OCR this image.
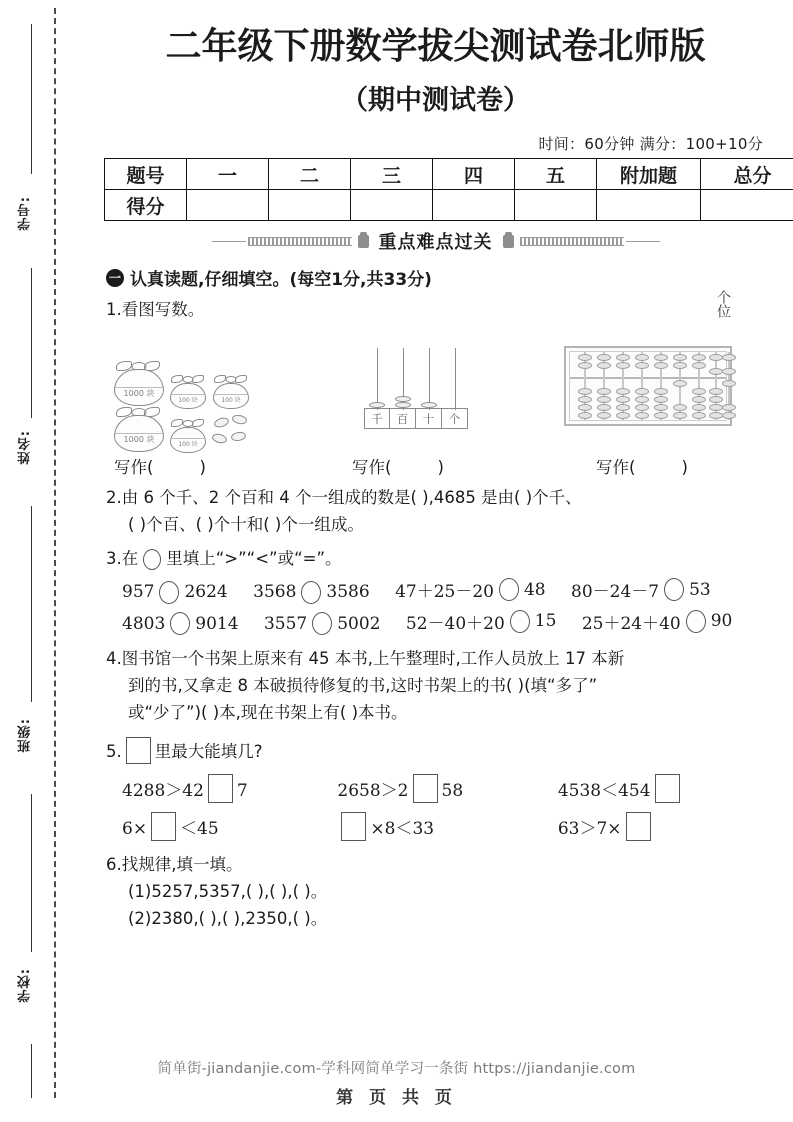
学号:
姓名:
班级:
学校:
二年级下册数学拔尖测试卷北师版
（期中测试卷）
时间：60分钟 满分：100+10分
题号	一	二	三	四	五	附加题	总分
得分							
重点难点过关
一 认真读题,仔细填空。(每空1分,共33分)
1.看图写数。
1000 块
100 块	100 块
1000 块
100 块
千	百	十	个
个位
写作(	)	写作(	)	写作(	)
2.由 6 个千、2 个百和 4 个一组成的数是( ),4685 是由( )个千、
( )个百、( )个十和( )个一组成。
3.在 里填上“>”“<”或“=”。
957 2624
3568 3586
47＋25－20 48
80－24－7 53
4803 9014
3557 5002
52－40＋20 15
25＋24＋40 90
4.图书馆一个书架上原来有 45 本书,上午整理时,工作人员放上 17 本新
到的书,又拿走 8 本破损待修复的书,这时书架上的书( )(填“多了”
或“少了”)( )本,现在书架上有( )本书。
5. 里最大能填几?
4288＞42 7	2658＞2 58	4538＜454
6× ＜45	×8＜33	63＞7×
6.找规律,填一填。
(1)5257,5357,( ),( ),( )。
(2)2380,( ),( ),2350,( )。
简单街-jiandanjie.com-学科网简单学习一条街 https://jiandanjie.com
第 页 共 页
